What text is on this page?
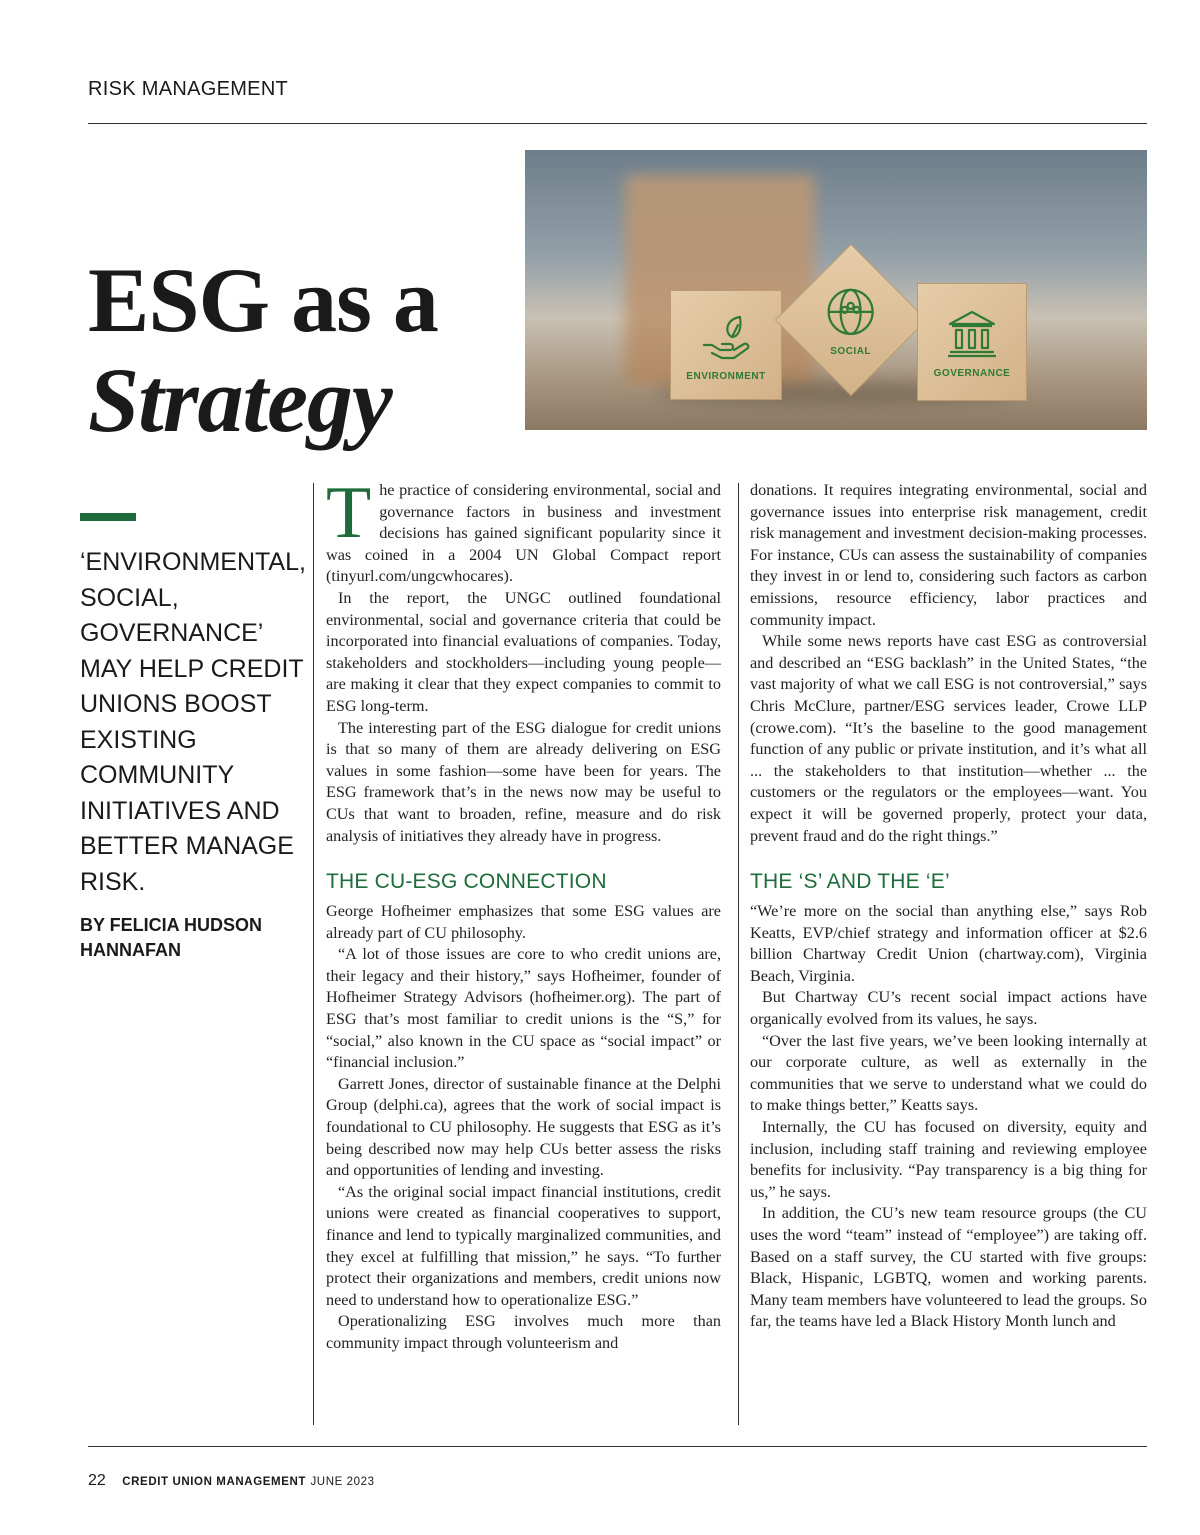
RISK MANAGEMENT
ESG as a
Strategy	ENVIRONMENT
SOCIAL
GOVERNANCE
‘ENVIRONMENTAL, SOCIAL, GOVERNANCE’ MAY HELP CREDIT UNIONS BOOST EXISTING COMMUNITY INITIATIVES AND BETTER MANAGE RISK.
BY FELICIA HUDSON HANNAFAN

The practice of considering environmental, social and governance factors in business and investment decisions has gained significant popularity since it was coined in a 2004 UN Global Compact report (tinyurl.com/ungcwhocares).

In the report, the UNGC outlined foundational environmental, social and governance criteria that could be incorporated into financial evaluations of companies. Today, stakeholders and stockholders—including young people—are making it clear that they expect companies to commit to ESG long-term.

The interesting part of the ESG dialogue for credit unions is that so many of them are already delivering on ESG values in some fashion—some have been for years. The ESG framework that’s in the news now may be useful to CUs that want to broaden, refine, measure and do risk analysis of initiatives they already have in progress.

THE CU-ESG CONNECTION

George Hofheimer emphasizes that some ESG values are already part of CU philosophy.

“A lot of those issues are core to who credit unions are, their legacy and their history,” says Hofheimer, founder of Hofheimer Strategy Advisors (hofheimer.org). The part of ESG that’s most familiar to credit unions is the “S,” for “social,” also known in the CU space as “social impact” or “financial inclusion.”

Garrett Jones, director of sustainable finance at the Delphi Group (delphi.ca), agrees that the work of social impact is foundational to CU philosophy. He suggests that ESG as it’s being described now may help CUs better assess the risks and opportunities of lending and investing.

“As the original social impact financial institutions, credit unions were created as financial cooperatives to support, finance and lend to typically marginalized communities, and they excel at fulfilling that mission,” he says. “To further protect their organizations and members, credit unions now need to understand how to operationalize ESG.”

Operationalizing ESG involves much more than community impact through volunteerism and

donations. It requires integrating environmental, social and governance issues into enterprise risk management, credit risk management and investment decision-making processes. For instance, CUs can assess the sustainability of companies they invest in or lend to, considering such factors as carbon emissions, resource efficiency, labor practices and community impact.

While some news reports have cast ESG as controversial and described an “ESG backlash” in the United States, “the vast majority of what we call ESG is not controversial,” says Chris McClure, partner/ESG services leader, Crowe LLP (crowe.com). “It’s the baseline to the good management function of any public or private institution, and it’s what all ... the stakeholders to that institution—whether ... the customers or the regulators or the employees—want. You expect it will be governed properly, protect your data, prevent fraud and do the right things.”

THE ‘S’ AND THE ‘E’

“We’re more on the social than anything else,” says Rob Keatts, EVP/chief strategy and information officer at $2.6 billion Chartway Credit Union (chartway.com), Virginia Beach, Virginia.

But Chartway CU’s recent social impact actions have organically evolved from its values, he says.

“Over the last five years, we’ve been looking internally at our corporate culture, as well as externally in the communities that we serve to understand what we could do to make things better,” Keatts says.

Internally, the CU has focused on diversity, equity and inclusion, including staff training and reviewing employee benefits for inclusivity. “Pay transparency is a big thing for us,” he says.

In addition, the CU’s new team resource groups (the CU uses the word “team” instead of “employee”) are taking off. Based on a staff survey, the CU started with five groups: Black, Hispanic, LGBTQ, women and working parents. Many team members have volunteered to lead the groups. So far, the teams have led a Black History Month lunch and

22 CREDIT UNION MANAGEMENT JUNE 2023
